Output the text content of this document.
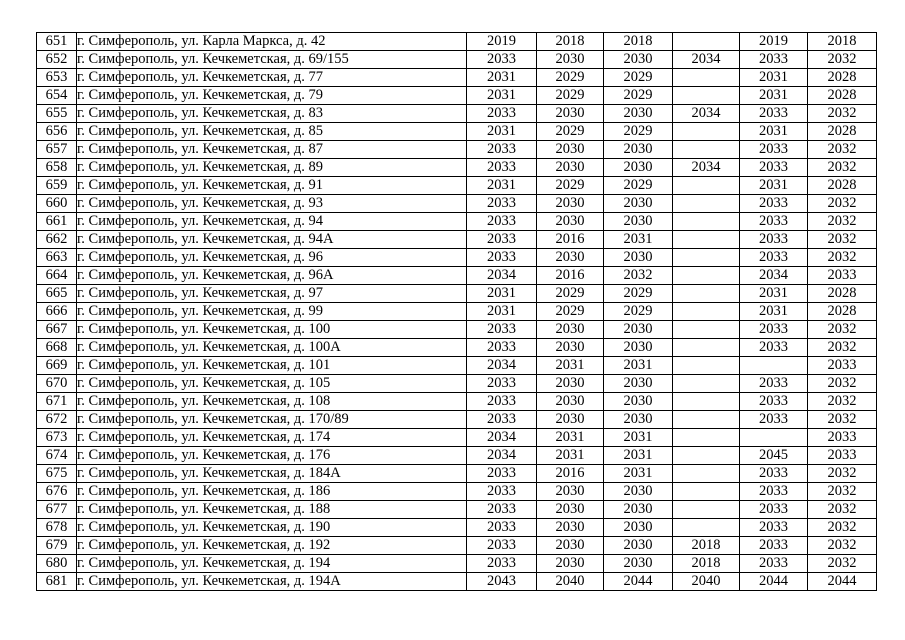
651	г. Симферополь, ул. Карла Маркса, д. 42	2019	2018	2018		2019	2018
652	г. Симферополь, ул. Кечкеметская, д. 69/155	2033	2030	2030	2034	2033	2032
653	г. Симферополь, ул. Кечкеметская, д. 77	2031	2029	2029		2031	2028
654	г. Симферополь, ул. Кечкеметская, д. 79	2031	2029	2029		2031	2028
655	г. Симферополь, ул. Кечкеметская, д. 83	2033	2030	2030	2034	2033	2032
656	г. Симферополь, ул. Кечкеметская, д. 85	2031	2029	2029		2031	2028
657	г. Симферополь, ул. Кечкеметская, д. 87	2033	2030	2030		2033	2032
658	г. Симферополь, ул. Кечкеметская, д. 89	2033	2030	2030	2034	2033	2032
659	г. Симферополь, ул. Кечкеметская, д. 91	2031	2029	2029		2031	2028
660	г. Симферополь, ул. Кечкеметская, д. 93	2033	2030	2030		2033	2032
661	г. Симферополь, ул. Кечкеметская, д. 94	2033	2030	2030		2033	2032
662	г. Симферополь, ул. Кечкеметская, д. 94А	2033	2016	2031		2033	2032
663	г. Симферополь, ул. Кечкеметская, д. 96	2033	2030	2030		2033	2032
664	г. Симферополь, ул. Кечкеметская, д. 96А	2034	2016	2032		2034	2033
665	г. Симферополь, ул. Кечкеметская, д. 97	2031	2029	2029		2031	2028
666	г. Симферополь, ул. Кечкеметская, д. 99	2031	2029	2029		2031	2028
667	г. Симферополь, ул. Кечкеметская, д. 100	2033	2030	2030		2033	2032
668	г. Симферополь, ул. Кечкеметская, д. 100А	2033	2030	2030		2033	2032
669	г. Симферополь, ул. Кечкеметская, д. 101	2034	2031	2031			2033
670	г. Симферополь, ул. Кечкеметская, д. 105	2033	2030	2030		2033	2032
671	г. Симферополь, ул. Кечкеметская, д. 108	2033	2030	2030		2033	2032
672	г. Симферополь, ул. Кечкеметская, д. 170/89	2033	2030	2030		2033	2032
673	г. Симферополь, ул. Кечкеметская, д. 174	2034	2031	2031			2033
674	г. Симферополь, ул. Кечкеметская, д. 176	2034	2031	2031		2045	2033
675	г. Симферополь, ул. Кечкеметская, д. 184А	2033	2016	2031		2033	2032
676	г. Симферополь, ул. Кечкеметская, д. 186	2033	2030	2030		2033	2032
677	г. Симферополь, ул. Кечкеметская, д. 188	2033	2030	2030		2033	2032
678	г. Симферополь, ул. Кечкеметская, д. 190	2033	2030	2030		2033	2032
679	г. Симферополь, ул. Кечкеметская, д. 192	2033	2030	2030	2018	2033	2032
680	г. Симферополь, ул. Кечкеметская, д. 194	2033	2030	2030	2018	2033	2032
681	г. Симферополь, ул. Кечкеметская, д. 194А	2043	2040	2044	2040	2044	2044
